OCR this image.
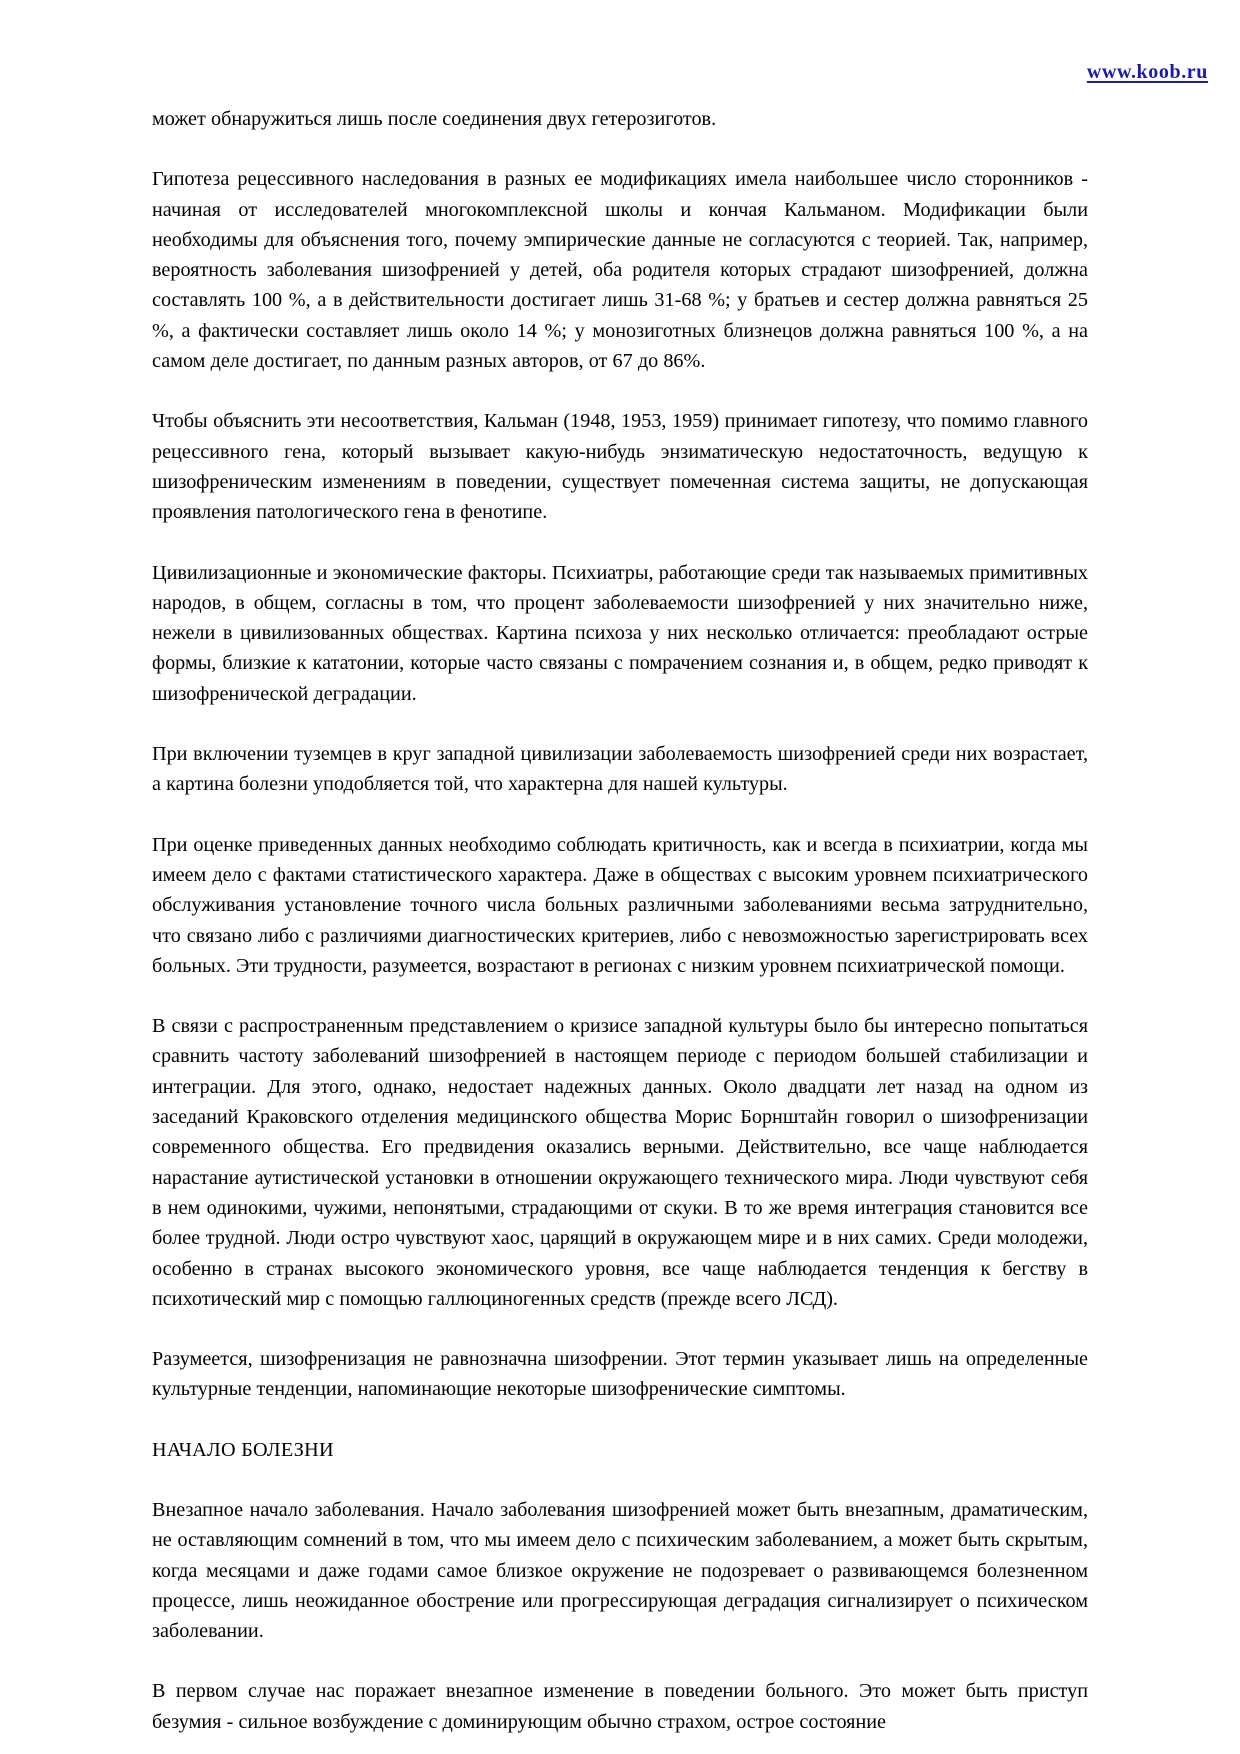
www.koob.ru

может обнаружиться лишь после соединения двух гетерозиготов.

Гипотеза рецессивного наследования в разных ее модификациях имела наибольшее число сторонников - начиная от исследователей многокомплексной школы и кончая Кальманом. Модификации были необходимы для объяснения того, почему эмпирические данные не согласуются с теорией. Так, например, вероятность заболевания шизофренией у детей, оба родителя которых страдают шизофренией, должна составлять 100 %, а в действительности достигает лишь 31-68 %; у братьев и сестер должна равняться 25 %, а фактически составляет лишь около 14 %; у монозиготных близнецов должна равняться 100 %, а на самом деле достигает, по данным разных авторов, от 67 до 86%.

Чтобы объяснить эти несоответствия, Кальман (1948, 1953, 1959) принимает гипотезу, что помимо главного рецессивного гена, который вызывает какую-нибудь энзиматическую недостаточность, ведущую к шизофреническим изменениям в поведении, существует помеченная система защиты, не допускающая проявления патологического гена в фенотипе.

Цивилизационные и экономические факторы. Психиатры, работающие среди так называемых примитивных народов, в общем, согласны в том, что процент заболеваемости шизофренией у них значительно ниже, нежели в цивилизованных обществах. Картина психоза у них несколько отличается: преобладают острые формы, близкие к кататонии, которые часто связаны с помрачением сознания и, в общем, редко приводят к шизофренической деградации.

При включении туземцев в круг западной цивилизации заболеваемость шизофренией среди них возрастает, а картина болезни уподобляется той, что характерна для нашей культуры.

При оценке приведенных данных необходимо соблюдать критичность, как и всегда в психиатрии, когда мы имеем дело с фактами статистического характера. Даже в обществах с высоким уровнем психиатрического обслуживания установление точного числа больных различными заболеваниями весьма затруднительно, что связано либо с различиями диагностических критериев, либо с невозможностью зарегистрировать всех больных. Эти трудности, разумеется, возрастают в регионах с низким уровнем психиатрической помощи.

В связи с распространенным представлением о кризисе западной культуры было бы интересно попытаться сравнить частоту заболеваний шизофренией в настоящем периоде с периодом большей стабилизации и интеграции. Для этого, однако, недостает надежных данных. Около двадцати лет назад на одном из заседаний Краковского отделения медицинского общества Морис Борнштайн говорил о шизофренизации современного общества. Его предвидения оказались верными. Действительно, все чаще наблюдается нарастание аутистической установки в отношении окружающего технического мира. Люди чувствуют себя в нем одинокими, чужими, непонятыми, страдающими от скуки. В то же время интеграция становится все более трудной. Люди остро чувствуют хаос, царящий в окружающем мире и в них самих. Среди молодежи, особенно в странах высокого экономического уровня, все чаще наблюдается тенденция к бегству в психотический мир с помощью галлюциногенных средств (прежде всего ЛСД).

Разумеется, шизофренизация не равнозначна шизофрении. Этот термин указывает лишь на определенные культурные тенденции, напоминающие некоторые шизофренические симптомы.

НАЧАЛО БОЛЕЗНИ

Внезапное начало заболевания. Начало заболевания шизофренией может быть внезапным, драматическим, не оставляющим сомнений в том, что мы имеем дело с психическим заболеванием, а может быть скрытым, когда месяцами и даже годами самое близкое окружение не подозревает о развивающемся болезненном процессе, лишь неожиданное обострение или прогрессирующая деградация сигнализирует о психическом заболевании.

В первом случае нас поражает внезапное изменение в поведении больного. Это может быть приступ безумия - сильное возбуждение с доминирующим обычно страхом, острое состояние
